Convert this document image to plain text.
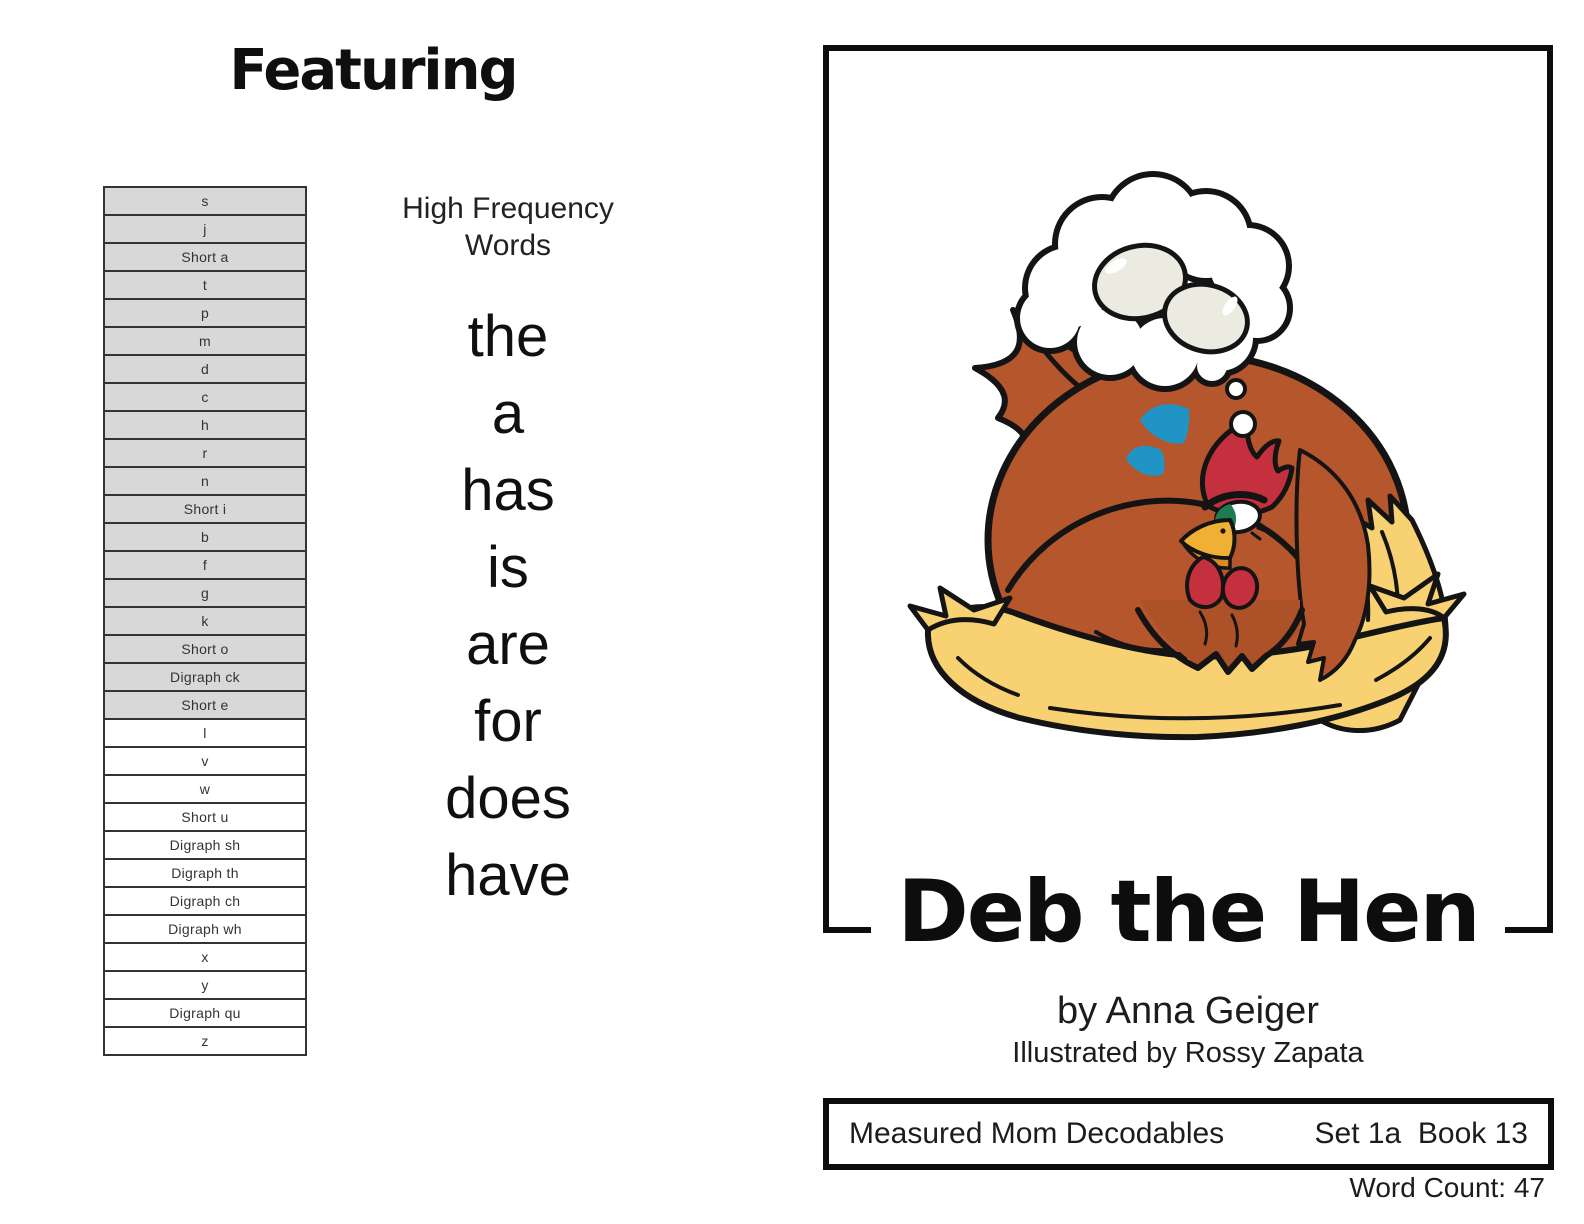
Featuring
s
j
Short a
t
p
m
d
c
h
r
n
Short i
b
f
g
k
Short o
Digraph ck
Short e
l
v
w
Short u
Digraph sh
Digraph th
Digraph ch
Digraph wh
x
y
Digraph qu
z
High Frequency Words
the
a
has
is
are
for
does
have	Deb the Hen
by Anna Geiger
Illustrated by Rossy Zapata
Measured Mom Decodables	Set 1a  Book 13
Word Count: 47
